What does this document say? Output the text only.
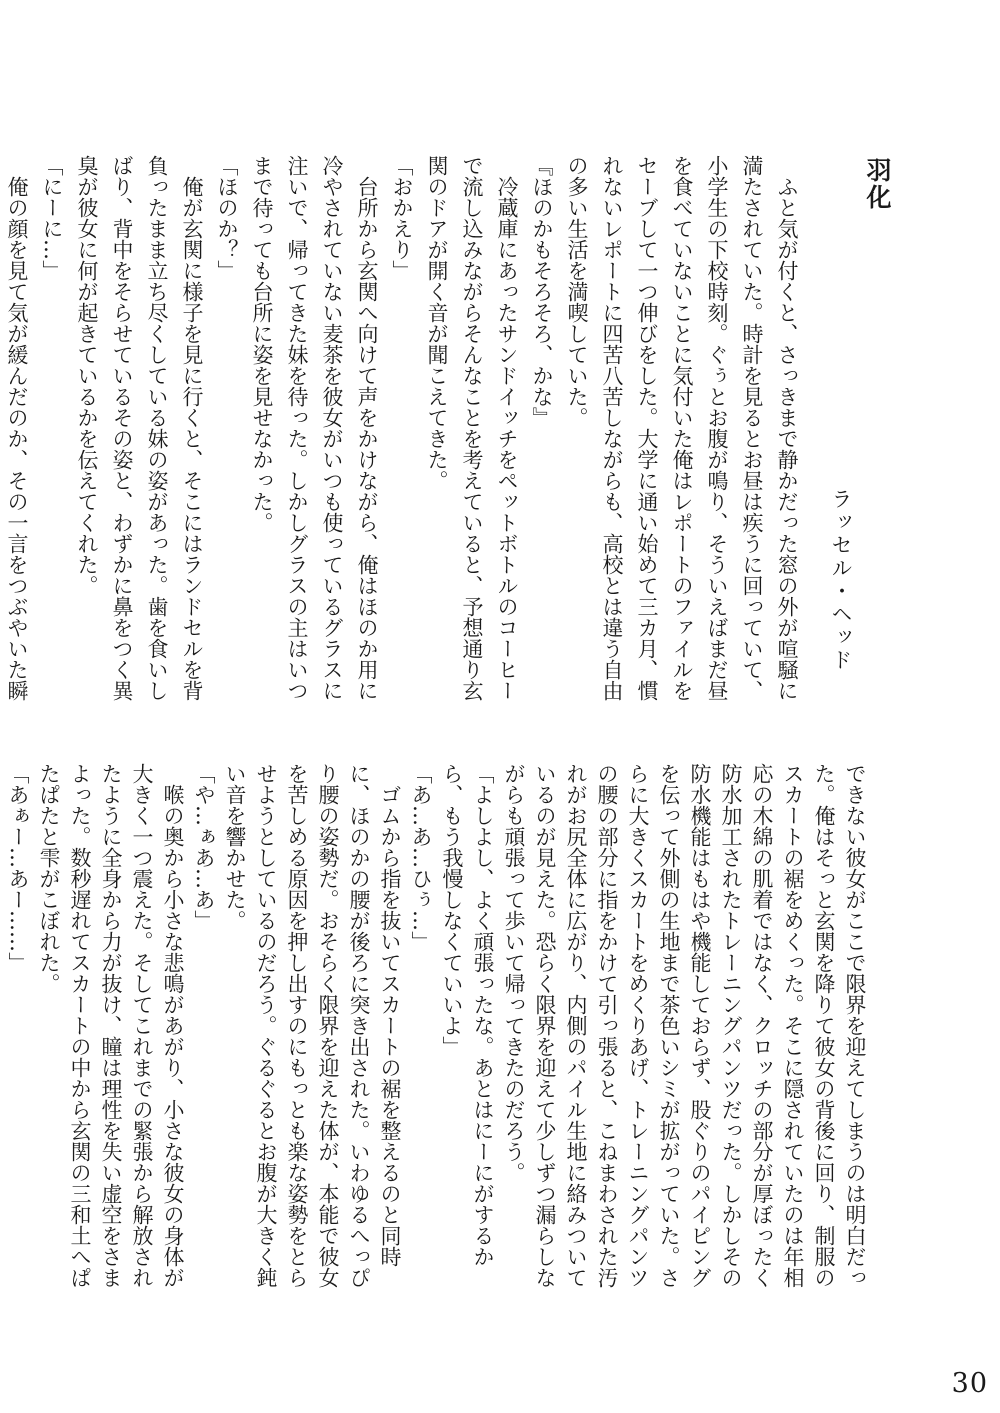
羽化
ラッセル・ヘッド

ふと気が付くと、さっきまで静かだった窓の外が喧騒に満たされていた。時計を見るとお昼は疾うに回っていて、小学生の下校時刻。ぐぅとお腹が鳴り、そういえばまだ昼を食べていないことに気付いた俺はレポートのファイルをセーブして一つ伸びをした。大学に通い始めて三カ月、慣れないレポートに四苦八苦しながらも、高校とは違う自由の多い生活を満喫していた。

『ほのかもそろそろ、かな』

冷蔵庫にあったサンドイッチをペットボトルのコーヒーで流し込みながらそんなことを考えていると、予想通り玄関のドアが開く音が聞こえてきた。

「おかえり」

台所から玄関へ向けて声をかけながら、俺はほのか用に冷やされていない麦茶を彼女がいつも使っているグラスに注いで、帰ってきた妹を待った。しかしグラスの主はいつまで待っても台所に姿を見せなかった。

「ほのか？」

俺が玄関に様子を見に行くと、そこにはランドセルを背負ったまま立ち尽くしている妹の姿があった。歯を食いしばり、背中をそらせているその姿と、わずかに鼻をつく異臭が彼女に何が起きているかを伝えてくれた。

「にーに…」

俺の顔を見て気が緩んだのか、その一言をつぶやいた瞬

できない彼女がここで限界を迎えてしまうのは明白だった。俺はそっと玄関を降りて彼女の背後に回り、制服のスカートの裾をめくった。そこに隠されていたのは年相応の木綿の肌着ではなく、クロッチの部分が厚ぼったく防水加工されたトレーニングパンツだった。しかしその防水機能はもはや機能しておらず、股ぐりのパイピングを伝って外側の生地まで茶色いシミが拡がっていた。さらに大きくスカートをめくりあげ、トレーニングパンツの腰の部分に指をかけて引っ張ると、こねまわされた汚れがお尻全体に広がり、内側のパイル生地に絡みついているのが見えた。恐らく限界を迎えて少しずつ漏らしながらも頑張って歩いて帰ってきたのだろう。

「よしよし、よく頑張ったな。あとはにーにがするから、もう我慢しなくていいよ」

「あ…あ…ひぅ…」

ゴムから指を抜いてスカートの裾を整えるのと同時に、ほのかの腰が後ろに突き出された。いわゆるへっぴり腰の姿勢だ。おそらく限界を迎えた体が、本能で彼女を苦しめる原因を押し出すのにもっとも楽な姿勢をとらせようとしているのだろう。ぐるぐるとお腹が大きく鈍い音を響かせた。

「や…ぁあ…あ」

喉の奥から小さな悲鳴があがり、小さな彼女の身体が大きく一つ震えた。そしてこれまでの緊張から解放されたように全身から力が抜け、瞳は理性を失い虚空をさまよった。数秒遅れてスカートの中から玄関の三和土へぱたぱたと雫がこぼれた。

「あぁー…あー……」

30
